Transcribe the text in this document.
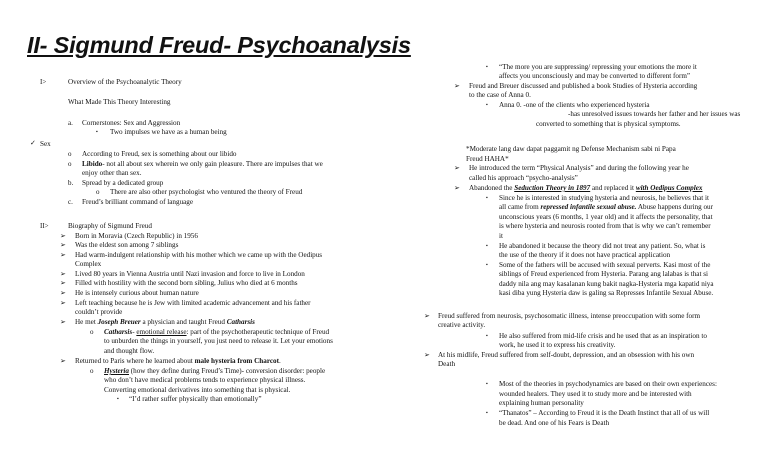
II- Sigmund Freud- Psychoanalysis
I>	Overview of the Psychoanalytic Theory
What Made This Theory Interesting
a. Cornerstones: Sex and Aggression
▪ Two impulses we have as a human being
✓ Sex
o According to Freud, sex is something about our libido
o Libido- not all about sex wherein we only gain pleasure. There are impulses that we
enjoy other than sex.
b. Spread by a dedicated group
o There are also other psychologist who ventured the theory of Freud
c. Freud’s brilliant command of language
II>	Biography of Sigmund Freud
➢ Born in Moravia (Czech Republic) in 1956
➢ Was the eldest son among 7 siblings
➢ Had warm-indulgent relationship with his mother which we came up with the Oedipus
Complex
➢ Lived 80 years in Vienna Austria until Nazi invasion and force to live in London
➢ Filled with hostility with the second born sibling, Julius who died at 6 months
➢ He is intensely curious about human nature
➢ Left teaching because he is Jew with limited academic advancement and his father
couldn’t provide
➢ He met Joseph Breuer a physician and taught Freud Catharsis
o Catharsis- emotional release: part of the psychotherapeutic technique of Freud
to unburden the things in yourself, you just need to release it. Let your emotions
and thought flow.
➢ Returned to Paris where he learned about male hysteria from Charcot.
o Hysteria (how they define during Freud’s Time)- conversion disorder: people
who don’t have medical problems tends to experience physical illness.
Converting emotional derivatives into something that is physical.
▪ “I’d rather suffer physically than emotionally”
▪ “The more you are suppressing/ repressing your emotions the more it
affects you unconsciously and may be converted to different form”
➢ Freud and Breuer discussed and published a book Studies of Hysteria according
to the case of Anna 0.
▪ Anna 0. -one of the clients who experienced hysteria
-has unresolved issues towards her father and her issues was
converted to something that is physical symptoms.
*Moderate lang daw dapat paggamit ng Defense Mechanism sabi ni Papa
Freud HAHA*
➢ He introduced the term “Physical Analysis” and during the following year he
called his approach “psycho-analysis”
➢ Abandoned the Seduction Theory in 1897 and replaced it with Oedipus Complex
▪ Since he is interested in studying hysteria and neurosis, he believes that it
all came from repressed infantile sexual abuse. Abuse happens during our
unconscious years (6 months, 1 year old) and it affects the personality, that
is where hysteria and neurosis rooted from that is why we can’t remember
it
▪ He abandoned it because the theory did not treat any patient. So, what is
the use of the theory if it does not have practical application
▪ Some of the fathers will be accused with sexual perverts. Kasi most of the
siblings of Freud experienced from Hysteria. Parang ang lalabas is that si
daddy nila ang may kasalanan kung bakit nagka-Hysteria mga kapatid niya
kasi diba yung Hysteria daw is galing sa Represses Infantile Sexual Abuse.
➢ Freud suffered from neurosis, psychosomatic illness, intense preoccupation with some form
creative activity.
▪ He also suffered from mid-life crisis and he used that as an inspiration to
work, he used it to express his creativity.
➢ At his midlife, Freud suffered from self-doubt, depression, and an obsession with his own
Death
▪ Most of the theories in psychodynamics are based on their own experiences:
wounded healers. They used it to study more and be interested with
explaining human personality
▪ “Thanatos” – According to Freud it is the Death Instinct that all of us will
be dead. And one of his Fears is Death
